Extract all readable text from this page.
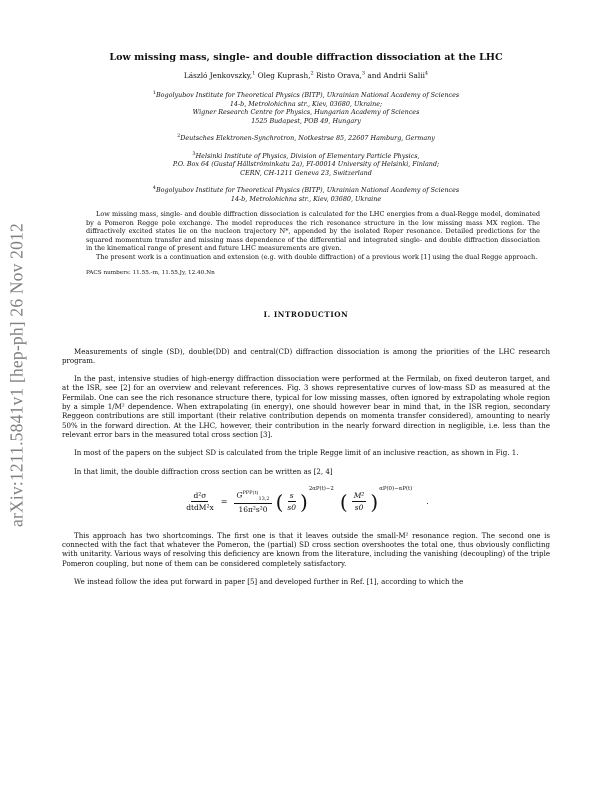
arXiv:1211.5841v1 [hep-ph] 26 Nov 2012
Low missing mass, single- and double diffraction dissociation at the LHC
László Jenkovszky,$^1$ Oleg Kuprash,$^2$ Risto Orava,$^3$ and Andrii Salii$^4$
$^1$Bogolyubov Institute for Theoretical Physics (BITP), Ukrainian National Academy of Sciences
14-b, Metrolohichna str., Kiev, 03680, Ukraine;
Wigner Research Centre for Physics, Hungarian Academy of Sciences
1525 Budapest, POB 49, Hungary
$^2$Deutsches Elektronen-Synchrotron, Notkestrse 85, 22607 Hamburg, Germany
$^3$Helsinki Institute of Physics, Division of Elementary Particle Physics,
P.O. Box 64 (Gustaf Hällströminkatu 2a), FI-00014 University of Helsinki, Finland;
CERN, CH-1211 Geneva 23, Switzerland
$^4$Bogolyubov Institute for Theoretical Physics (BITP), Ukrainian National Academy of Sciences
14-b, Metrolohichna str., Kiev, 03680, Ukraine

Low missing mass, single- and double diffraction dissociation is calculated for the LHC energies from a dual-Regge model, dominated by a Pomeron Regge pole exchange. The model reproduces the rich resonance structure in the low missing mass MX region. The diffractively excited states lie on the nucleon trajectory N*, appended by the isolated Roper resonance. Detailed predictions for the squared momentum transfer and missing mass dependence of the differential and integrated single- and double diffraction dissociation in the kinematical range of present and future LHC measurements are given.

The present work is a continuation and extension (e.g. with double diffraction) of a previous work [1] using the dual Regge approach.

PACS numbers: 11.55.-m, 11.55.Jy, 12.40.Nn
I. INTRODUCTION

Measurements of single (SD), double(DD) and central(CD) diffraction dissociation is among the priorities of the LHC research program.

In the past, intensive studies of high-energy diffraction dissociation were performed at the Fermilab, on fixed deuteron target, and at the ISR, see [2] for an overview and relevant references. Fig. 3 shows representative curves of low-mass SD as measured at the Fermilab. One can see the rich resonance structure there, typical for low missing masses, often ignored by extrapolating whole region by a simple 1/M² dependence. When extrapolating (in energy), one should however bear in mind that, in the ISR region, secondary Reggeon contributions are still important (their relative contribution depends on momenta transfer considered), amounting to nearly 50% in the forward direction. At the LHC, however, their contribution in the nearly forward direction in negligible, i.e. less than the relevant error bars in the measured total cross section [3].

In most of the papers on the subject SD is calculated from the triple Regge limit of an inclusive reaction, as shown in Fig. 1.

In that limit, the double diffraction cross section can be written as [2, 4]

$\frac{\text{d²σ}}{\text{dtdM²x}} = \frac{G^{PPP(t)}_{13,2}}{\text{16π²s²0}}$ ( $\frac{s}{s0}$ )
2αP(t)−2
( $\frac{\text{M²}}{s0}$ )
αP(0)−αP(t)
.

This approach has two shortcomings. The first one is that it leaves outside the small-M² resonance region. The second one is connected with the fact that whatever the Pomeron, the (partial) SD cross section overshootes the total one, thus obviously conflicting with unitarity. Various ways of resolving this deficiency are known from the literature, including the vanishing (decoupling) of the triple Pomeron coupling, but none of them can be considered completely satisfactory.

We instead follow the idea put forward in paper [5] and developed further in Ref. [1], according to which the
